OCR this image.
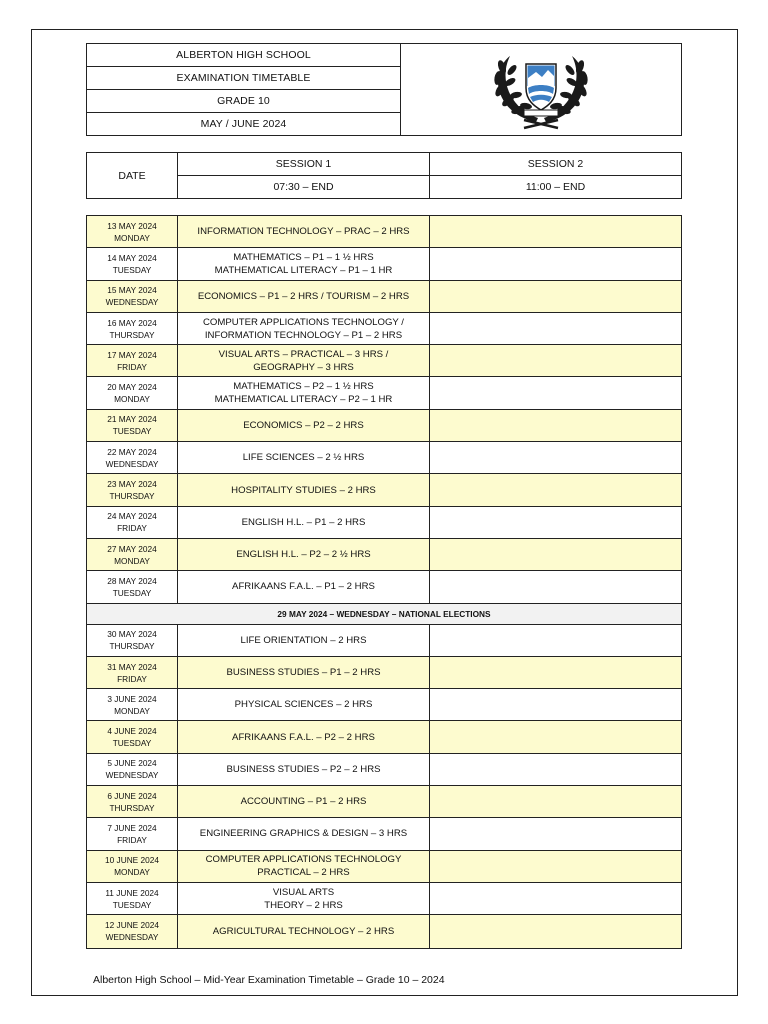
ALBERTON HIGH SCHOOL
EXAMINATION TIMETABLE
GRADE 10
MAY / JUNE 2024
DATE
SESSION 1	SESSION 2
07:30 – END	11:00 – END
13 MAY 2024
MONDAY
INFORMATION TECHNOLOGY – PRAC – 2 HRS
14 MAY 2024
TUESDAY
MATHEMATICS – P1 – 1 ½ HRS
MATHEMATICAL LITERACY – P1 – 1 HR
15 MAY 2024
WEDNESDAY
ECONOMICS – P1 – 2 HRS / TOURISM – 2 HRS
16 MAY 2024
THURSDAY
COMPUTER APPLICATIONS TECHNOLOGY /
INFORMATION TECHNOLOGY – P1 – 2 HRS
17 MAY 2024
FRIDAY
VISUAL ARTS – PRACTICAL – 3 HRS /
GEOGRAPHY – 3 HRS
20 MAY 2024
MONDAY
MATHEMATICS – P2 – 1 ½ HRS
MATHEMATICAL LITERACY – P2 – 1 HR
21 MAY 2024
TUESDAY
ECONOMICS – P2 – 2 HRS
22 MAY 2024
WEDNESDAY
LIFE SCIENCES – 2 ½ HRS
23 MAY 2024
THURSDAY
HOSPITALITY STUDIES – 2 HRS
24 MAY 2024
FRIDAY
ENGLISH H.L. – P1 – 2 HRS
27 MAY 2024
MONDAY
ENGLISH H.L. – P2 – 2 ½ HRS
28 MAY 2024
TUESDAY
AFRIKAANS F.A.L. – P1 – 2 HRS
29 MAY 2024 – WEDNESDAY – NATIONAL ELECTIONS
30 MAY 2024
THURSDAY
LIFE ORIENTATION – 2 HRS
31 MAY 2024
FRIDAY
BUSINESS STUDIES – P1 – 2 HRS
3 JUNE 2024
MONDAY
PHYSICAL SCIENCES – 2 HRS
4 JUNE 2024
TUESDAY
AFRIKAANS F.A.L. – P2 – 2 HRS
5 JUNE 2024
WEDNESDAY
BUSINESS STUDIES – P2 – 2 HRS
6 JUNE 2024
THURSDAY
ACCOUNTING – P1 – 2 HRS
7 JUNE 2024
FRIDAY
ENGINEERING GRAPHICS & DESIGN – 3 HRS
10 JUNE 2024
MONDAY
COMPUTER APPLICATIONS TECHNOLOGY
PRACTICAL – 2 HRS
11 JUNE 2024
TUESDAY
VISUAL ARTS
THEORY – 2 HRS
12 JUNE 2024
WEDNESDAY
AGRICULTURAL TECHNOLOGY – 2 HRS
Alberton High School – Mid-Year Examination Timetable – Grade 10 – 2024
